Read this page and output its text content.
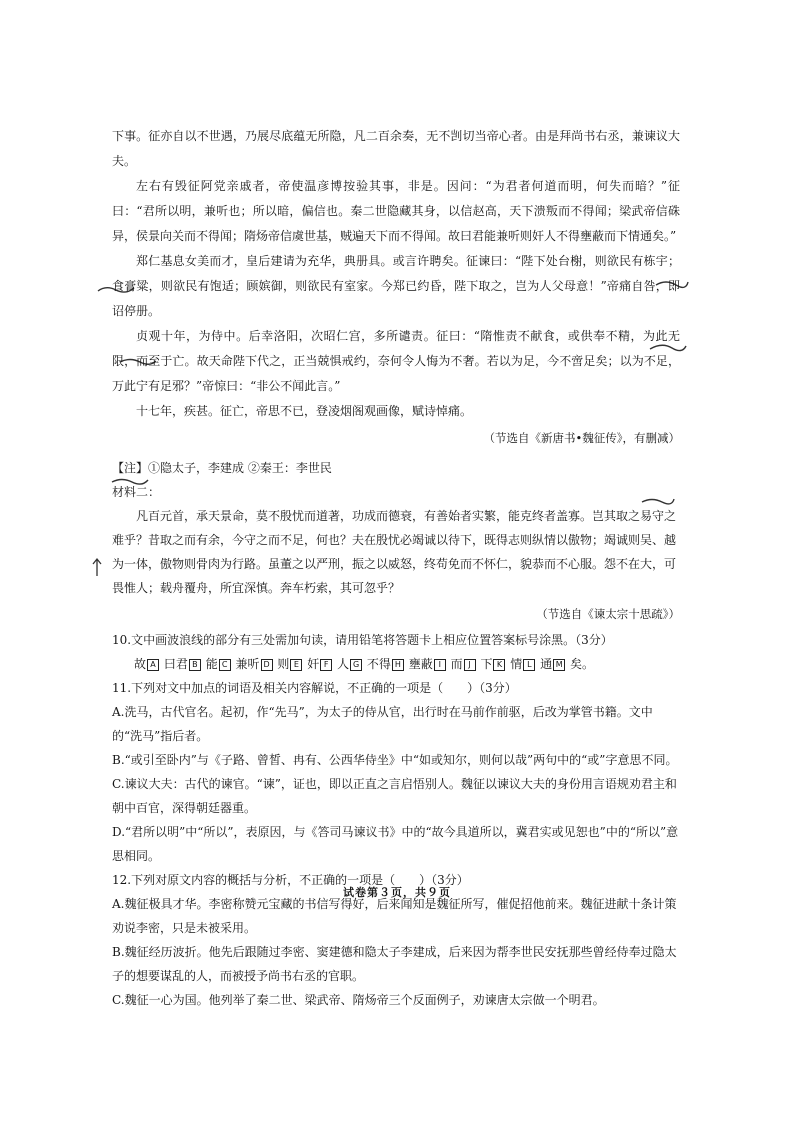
下事。征亦自以不世遇，乃展尽底蕴无所隐，凡二百余奏，无不剀切当帝心者。由是拜尚书右丞，兼谏议大夫。

左右有毁征阿党亲戚者，帝使温彦博按验其事，非是。因问：“为君者何道而明，何失而暗？”征曰：“君所以明，兼听也；所以暗，偏信也。秦二世隐藏其身，以信赵高，天下溃叛而不得闻；梁武帝信硃异，侯景向关而不得闻；隋炀帝信虞世基，贼遍天下而不得闻。故曰君能兼听则奸人不得壅蔽而下情通矣。”

郑仁基息女美而才，皇后建请为充华，典册具。或言许聘矣。征谏曰：“陛下处台榭，则欲民有栋宇；食膏粱，则欲民有饱适；顾嫔御，则欲民有室家。今郑已约昏，陛下取之，岂为人父母意！”帝痛自咎，即诏停册。

贞观十年，为侍中。后幸洛阳，次昭仁宫，多所谴责。征曰：“隋惟责不献食，或供奉不精，为此无限，而至于亡。故天命陛下代之，正当兢惧戒约，奈何令人悔为不奢。若以为足，今不啻足矣；以为不足，万此宁有足邪？”帝惊曰：“非公不闻此言。”

十七年，疾甚。征亡，帝思不已，登凌烟阁观画像，赋诗悼痛。

（节选自《新唐书•魏征传》，有删减）

【注】①隐太子，李建成 ②秦王：李世民

材料二：

凡百元首，承天景命，莫不殷忧而道著，功成而德衰，有善始者实繁，能克终者盖寡。岂其取之易守之难乎？昔取之而有余，今守之而不足，何也？夫在殷忧必竭诚以待下，既得志则纵情以傲物；竭诚则吴、越为一体，傲物则骨肉为行路。虽董之以严刑，振之以威怒，终苟免而不怀仁，貌恭而不心服。怨不在大，可畏惟人；载舟覆舟，所宜深慎。奔车朽索，其可忽乎？

（节选自《谏太宗十思疏》）

10.文中画波浪线的部分有三处需加句读，请用铅笔将答题卡上相应位置答案标号涂黑。（3分）

故 A 曰君 B 能 C 兼听 D 则 E 奸 F 人 G 不得 H 壅蔽 I 而 J 下 K 情 L 通 M 矣。

11.下列对文中加点的词语及相关内容解说，不正确的一项是（　　）（3分）

A.洗马，古代官名。起初，作“先马”，为太子的侍从官，出行时在马前作前驱，后改为掌管书籍。文中的“洗马”指后者。

B.“或引至卧内”与《子路、曾皙、冉有、公西华侍坐》中“如或知尔，则何以哉”两句中的“或”字意思不同。

C.谏议大夫：古代的谏官。“谏”，证也，即以正直之言启悟别人。魏征以谏议大夫的身份用言语规劝君主和朝中百官，深得朝廷器重。

D.“君所以明”中“所以”，表原因，与《答司马谏议书》中的“故今具道所以，冀君实或见恕也”中的“所以”意思相同。

12.下列对原文内容的概括与分析，不正确的一项是（　　）（3分）

A.魏征极具才华。李密称赞元宝藏的书信写得好，后来闻知是魏征所写，催促招他前来。魏征进献十条计策劝说李密，只是未被采用。

B.魏征经历波折。他先后跟随过李密、窦建德和隐太子李建成，后来因为帮李世民安抚那些曾经侍奉过隐太子的想要谋乱的人，而被授予尚书右丞的官职。

C.魏征一心为国。他列举了秦二世、梁武帝、隋炀帝三个反面例子，劝谏唐太宗做一个明君。

试卷第３页，共９页
